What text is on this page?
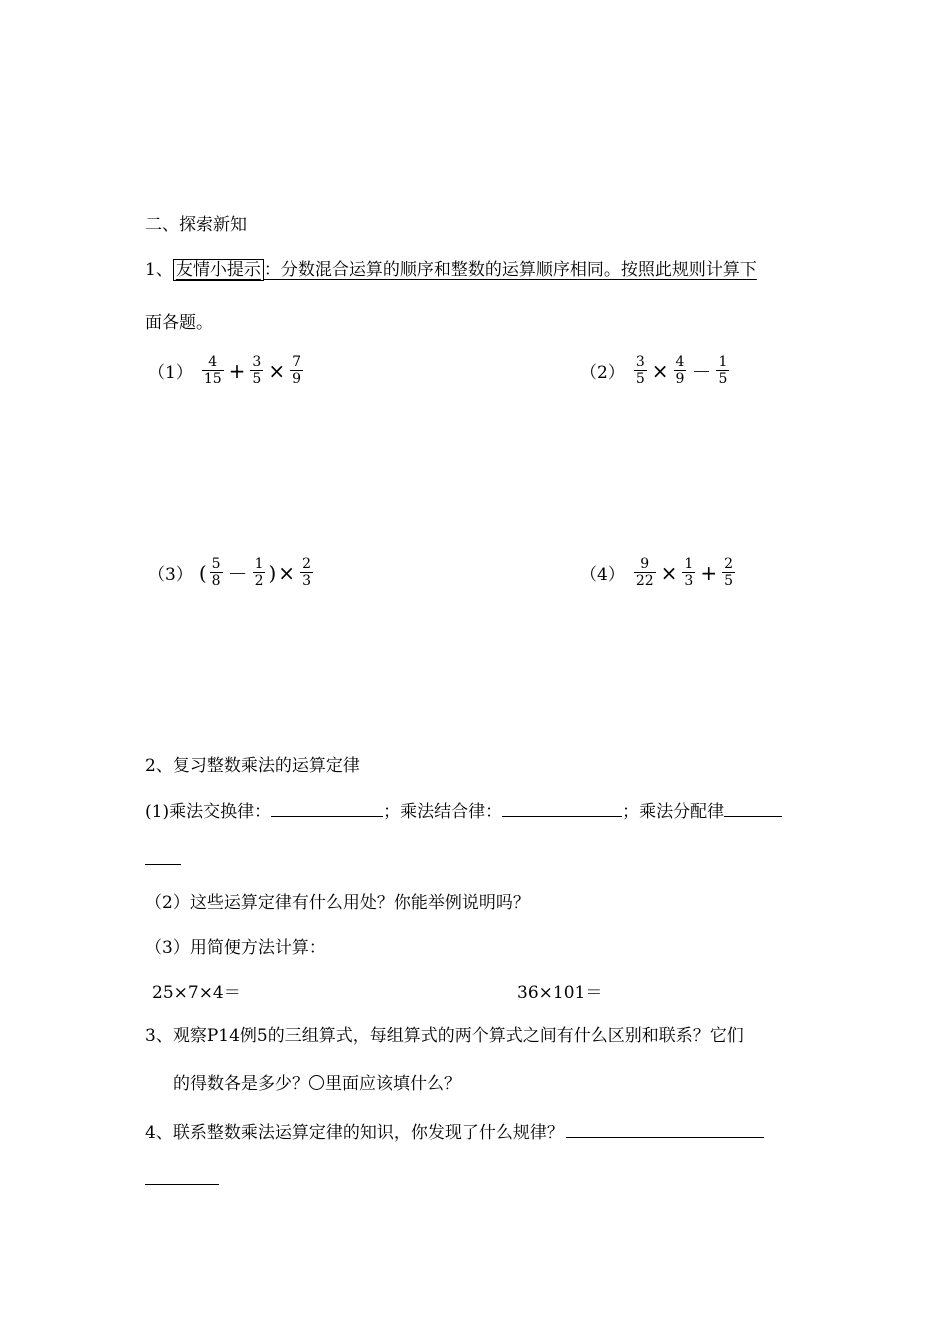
二、探索新知
1、 友情小提示 ：分数混合运算的顺序和整数的运算顺序相同。按照此规则计算下
面各题。
$(1) \frac{4}{15} + \frac{3}{5} \times \frac{7}{9}$	$(2) \frac{3}{5} \times \frac{4}{9} - \frac{1}{5}$
（3） ( $\frac{5}{8} - \frac{1}{2}$ ) × $\frac{2}{3}$	$(4) \frac{9}{22} \times \frac{1}{3} + \frac{2}{5}$
2、复习整数乘法的运算定律
(1)乘法交换律：	；乘法结合律：	；乘法分配律
（2）这些运算定律有什么用处？你能举例说明吗？
（3）用简便方法计算：
25×7×4＝	36×101＝
3、观察P14例5的三组算式，每组算式的两个算式之间有什么区别和联系？它们
的得数各是多少？ 里面应该填什么？
4、联系整数乘法运算定律的知识，你发现了什么规律？
